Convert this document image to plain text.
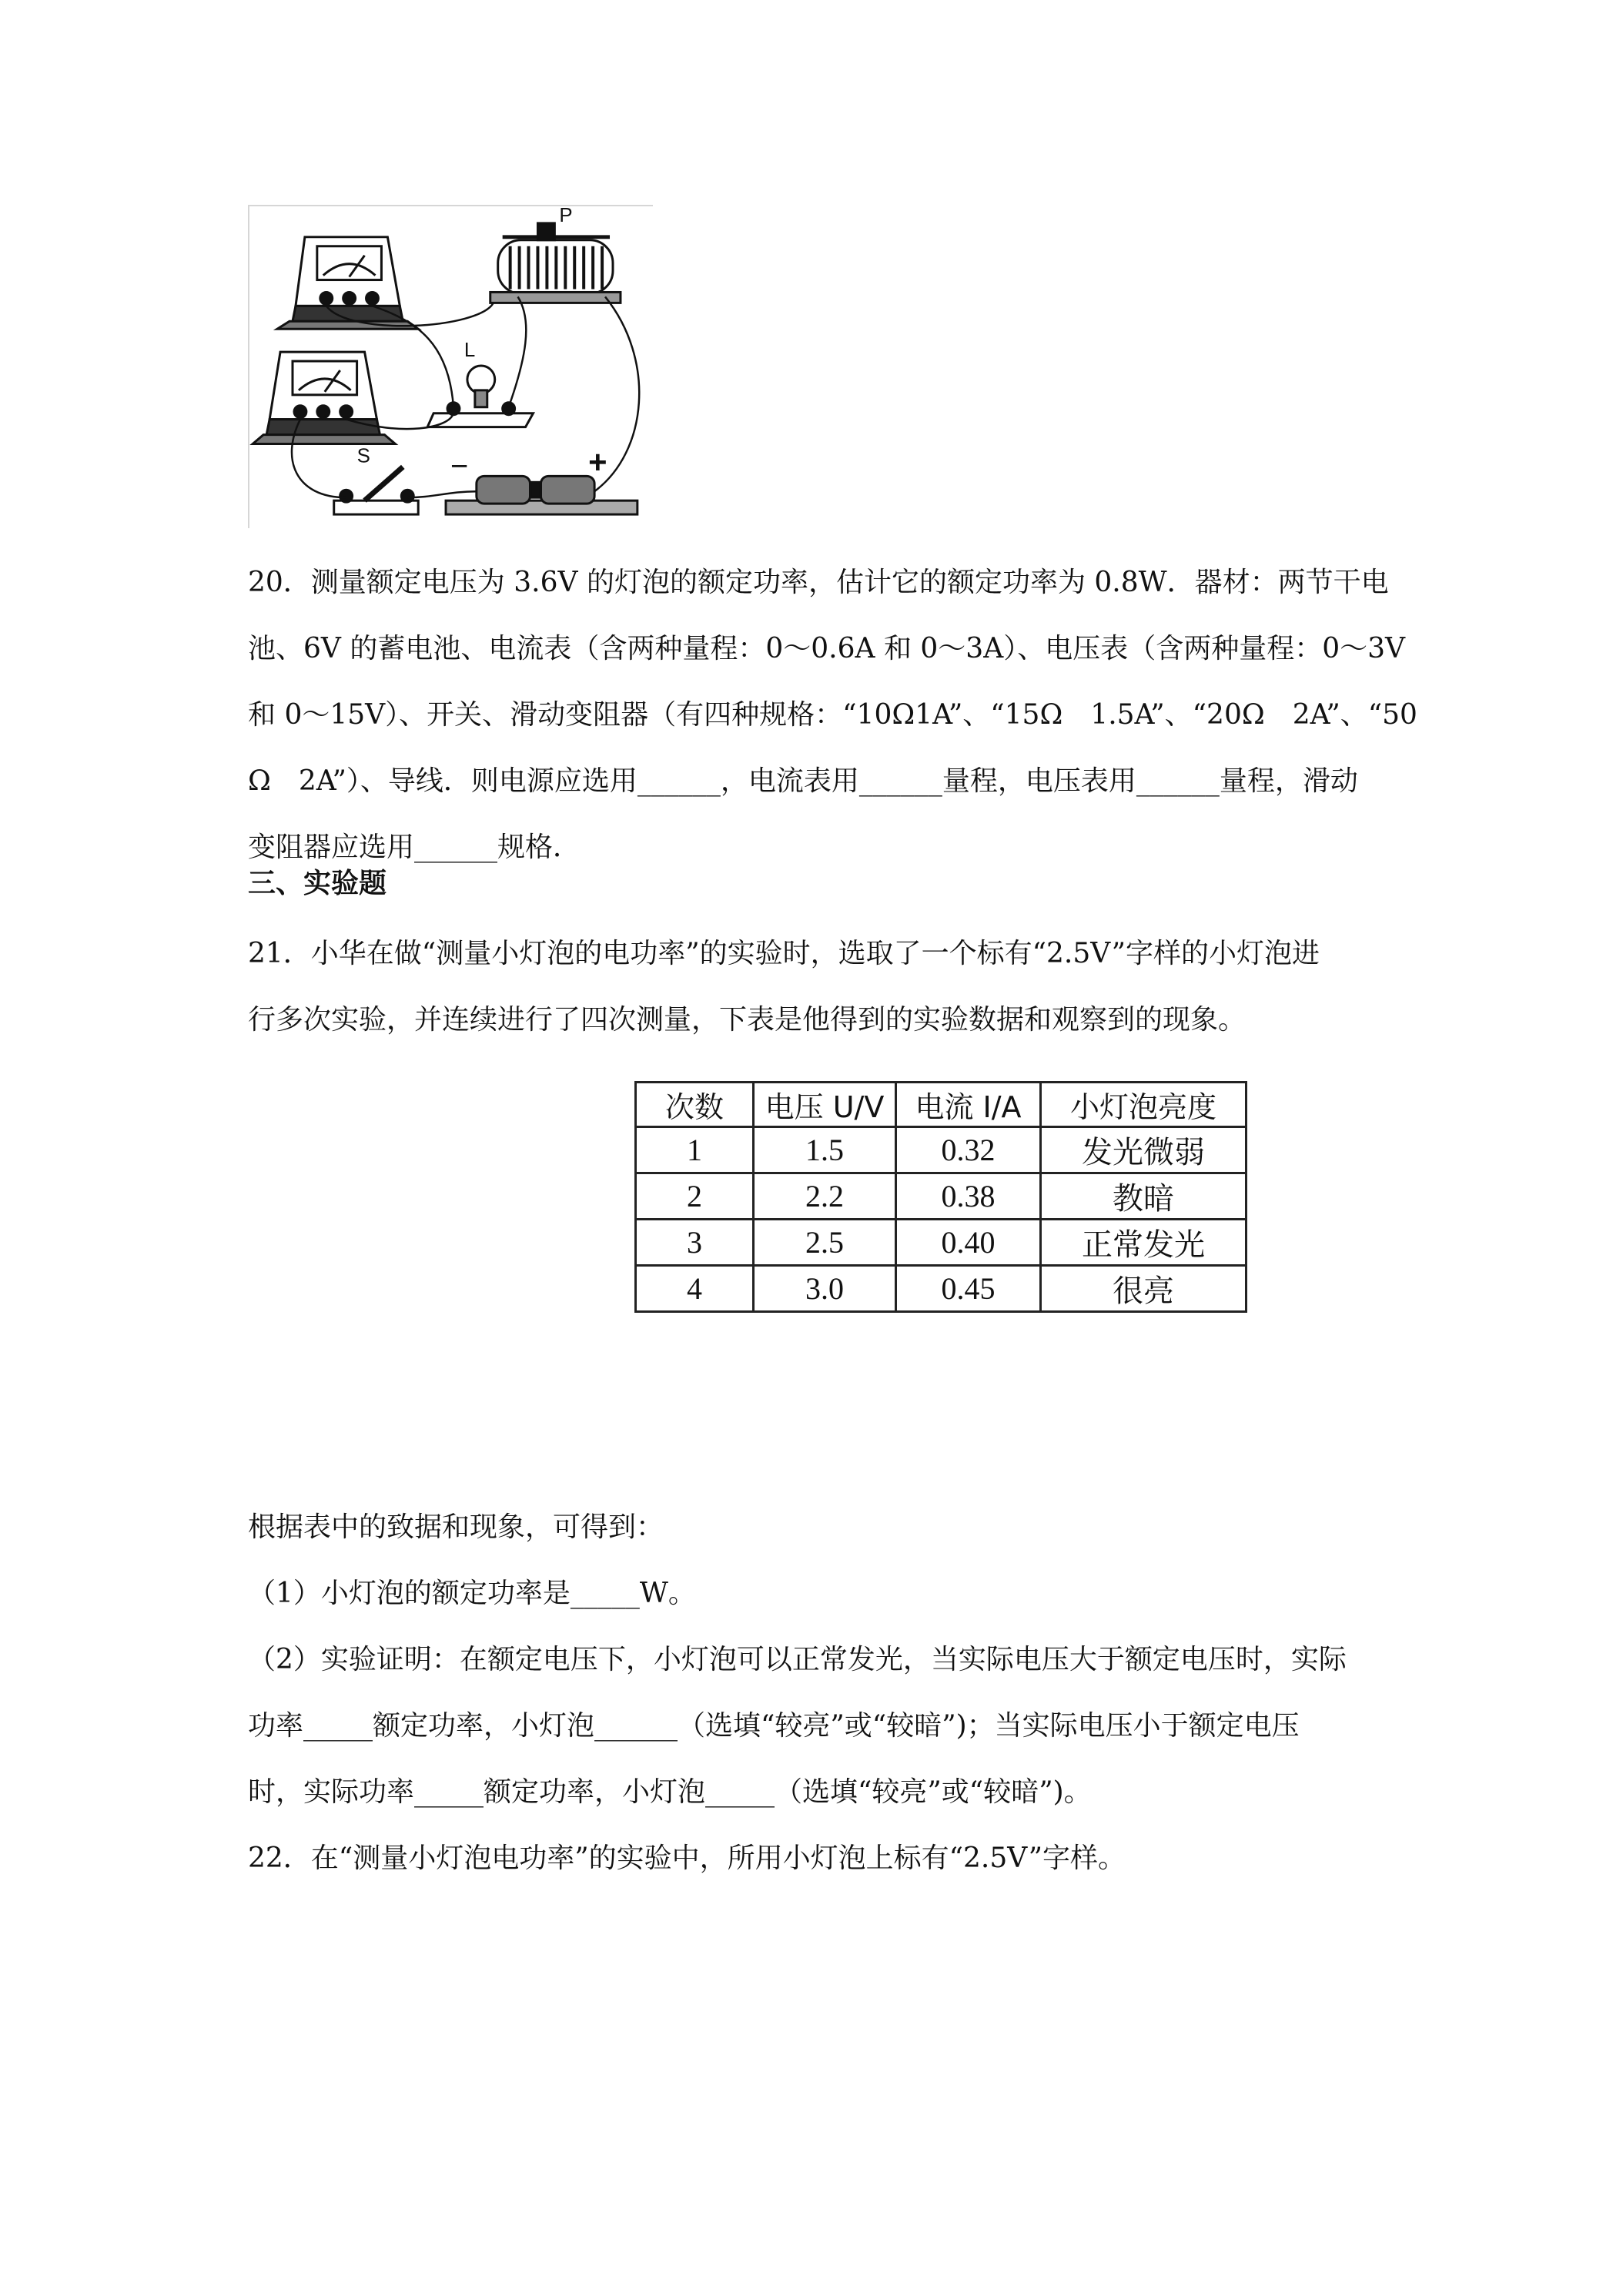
P
L
S	−	+

20．测量额定电压为 3.6V 的灯泡的额定功率，估计它的额定功率为 0.8W．器材：两节干电
池、6V 的蓄电池、电流表（含两种量程：0～0.6A 和 0～3A）、电压表（含两种量程：0～3V
和 0～15V）、开关、滑动变阻器（有四种规格：“10Ω1A”、“15Ω　1.5A”、“20Ω　2A”、“50
Ω　2A”）、导线．则电源应选用______，电流表用______量程，电压表用______量程，滑动
变阻器应选用______规格．

三、实验题

21．小华在做“测量小灯泡的电功率”的实验时，选取了一个标有“2.5V”字样的小灯泡进
行多次实验，并连续进行了四次测量，下表是他得到的实验数据和观察到的现象。

次数	电压 U/V	电流 I/A	小灯泡亮度
1	1.5	0.32	发光微弱
2	2.2	0.38	教暗
3	2.5	0.40	正常发光
4	3.0	0.45	很亮

根据表中的致据和现象，可得到：
（1）小灯泡的额定功率是_____W。
（2）实验证明：在额定电压下，小灯泡可以正常发光，当实际电压大于额定电压时，实际
功率_____额定功率，小灯泡______（选填“较亮”或“较暗”)；当实际电压小于额定电压
时，实际功率_____额定功率，小灯泡_____（选填“较亮”或“较暗”)。

22．在“测量小灯泡电功率”的实验中，所用小灯泡上标有“2.5V”字样。
